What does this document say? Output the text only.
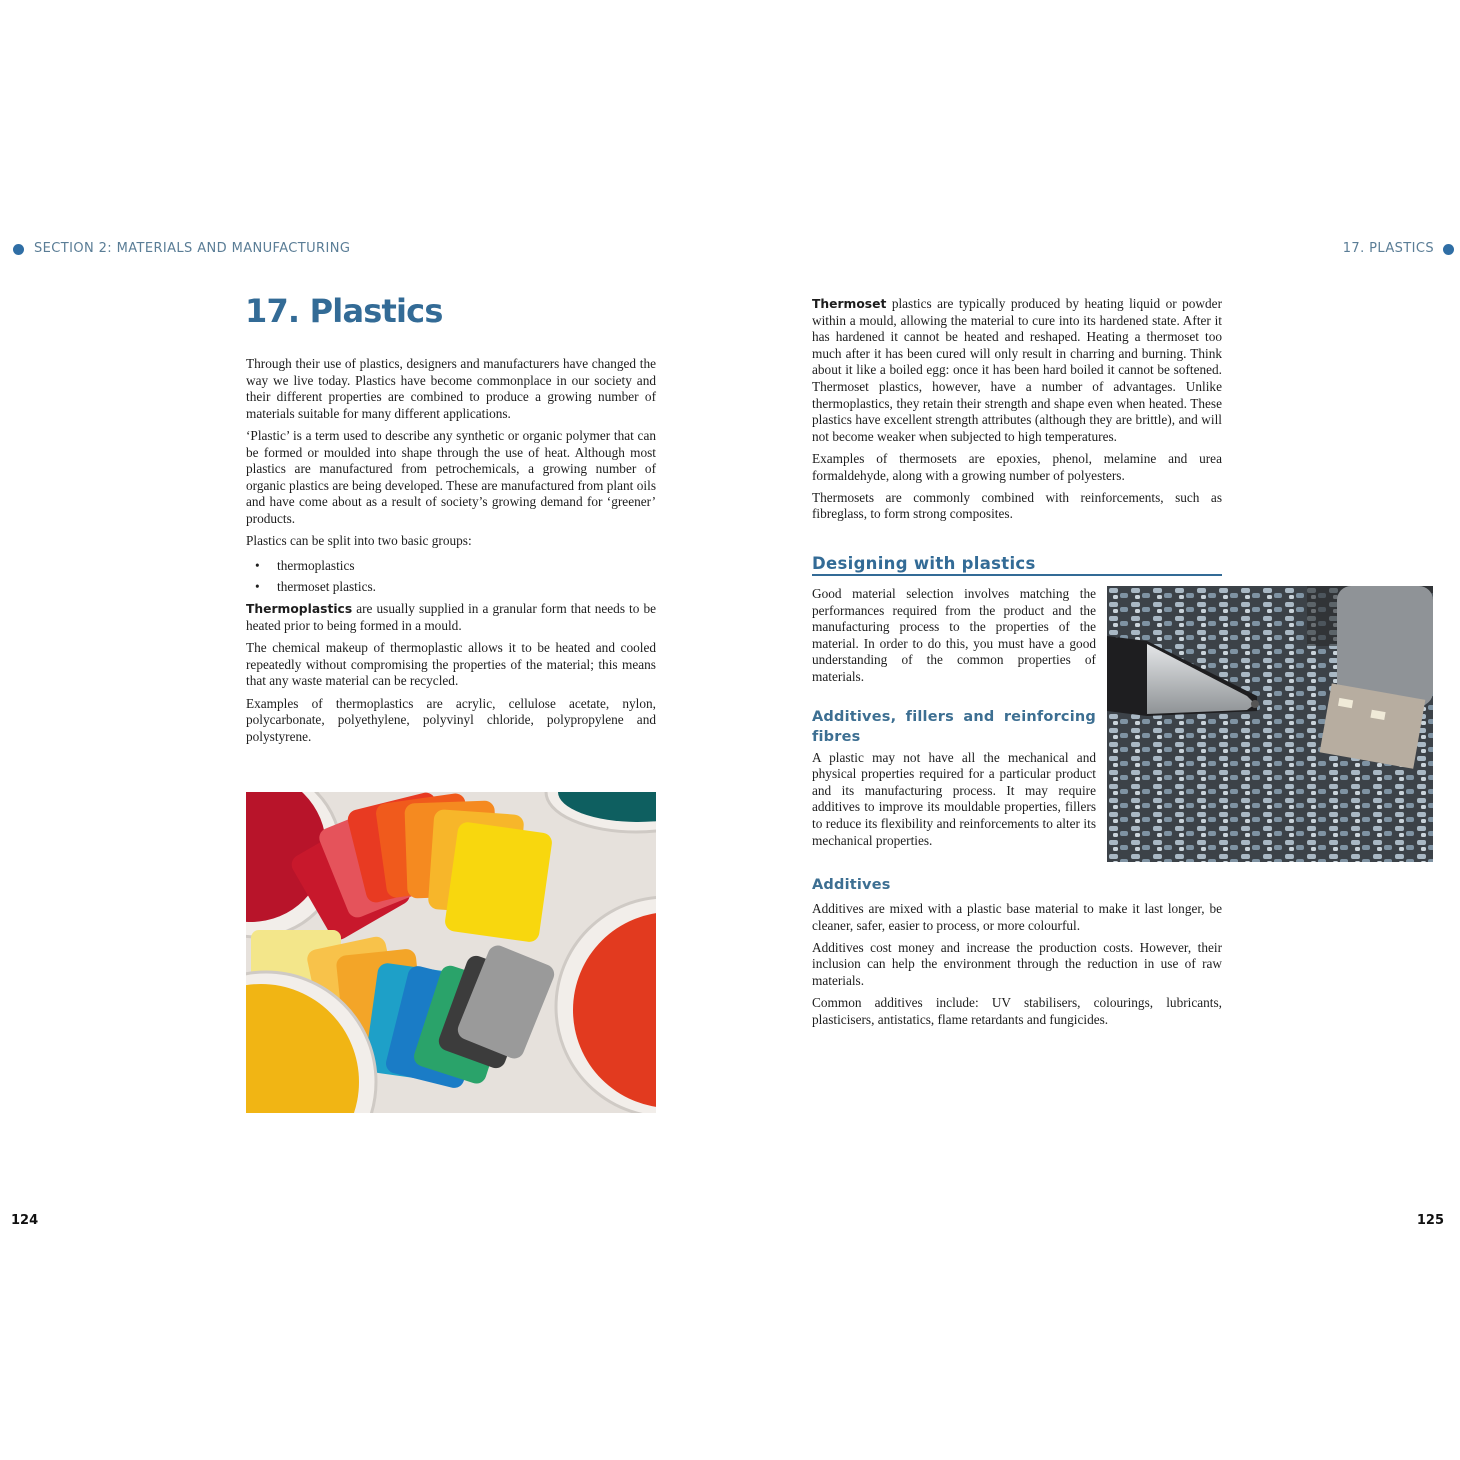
SECTION 2: MATERIALS AND MANUFACTURING	17. PLASTICS
17. Plastics

Through their use of plastics, designers and manufacturers have changed the way we live today. Plastics have become commonplace in our society and their different properties are combined to produce a growing number of materials suitable for many different applications.

‘Plastic’ is a term used to describe any synthetic or organic polymer that can be formed or moulded into shape through the use of heat. Although most plastics are manufactured from petrochemicals, a growing number of organic plastics are being developed. These are manufactured from plant oils and have come about as a result of society’s growing demand for ‘greener’ products.

Plastics can be split into two basic groups:

• thermoplastics
• thermoset plastics.

Thermoplastics are usually supplied in a granular form that needs to be heated prior to being formed in a mould.

The chemical makeup of thermoplastic allows it to be heated and cooled repeatedly without compromising the properties of the material; this means that any waste material can be recycled.

Examples of thermoplastics are acrylic, cellulose acetate, nylon, polycarbonate, polyethylene, polyvinyl chloride, polypropylene and polystyrene.

124

Thermoset plastics are typically produced by heating liquid or powder within a mould, allowing the material to cure into its hardened state. After it has hardened it cannot be heated and reshaped. Heating a thermoset too much after it has been cured will only result in charring and burning. Think about it like a boiled egg: once it has been hard boiled it cannot be softened. Thermoset plastics, however, have a number of advantages. Unlike thermoplastics, they retain their strength and shape even when heated. These plastics have excellent strength attributes (although they are brittle), and will not become weaker when subjected to high temperatures.

Examples of thermosets are epoxies, phenol, melamine and urea formaldehyde, along with a growing number of polyesters.

Thermosets are commonly combined with reinforcements, such as fibreglass, to form strong composites.

Designing with plastics

Good material selection involves matching the performances required from the product and the manufacturing process to the properties of the material. In order to do this, you must have a good understanding of the common properties of materials.

Additives, fillers and reinforcing fibres

A plastic may not have all the mechanical and physical properties required for a particular product and its manufacturing process. It may require additives to improve its mouldable properties, fillers to reduce its flexibility and reinforcements to alter its mechanical properties.

Additives

Additives are mixed with a plastic base material to make it last longer, be cleaner, safer, easier to process, or more colourful.

Additives cost money and increase the production costs. However, their inclusion can help the environment through the reduction in use of raw materials.

Common additives include: UV stabilisers, colourings, lubricants, plasticisers, antistatics, flame retardants and fungicides.

125
